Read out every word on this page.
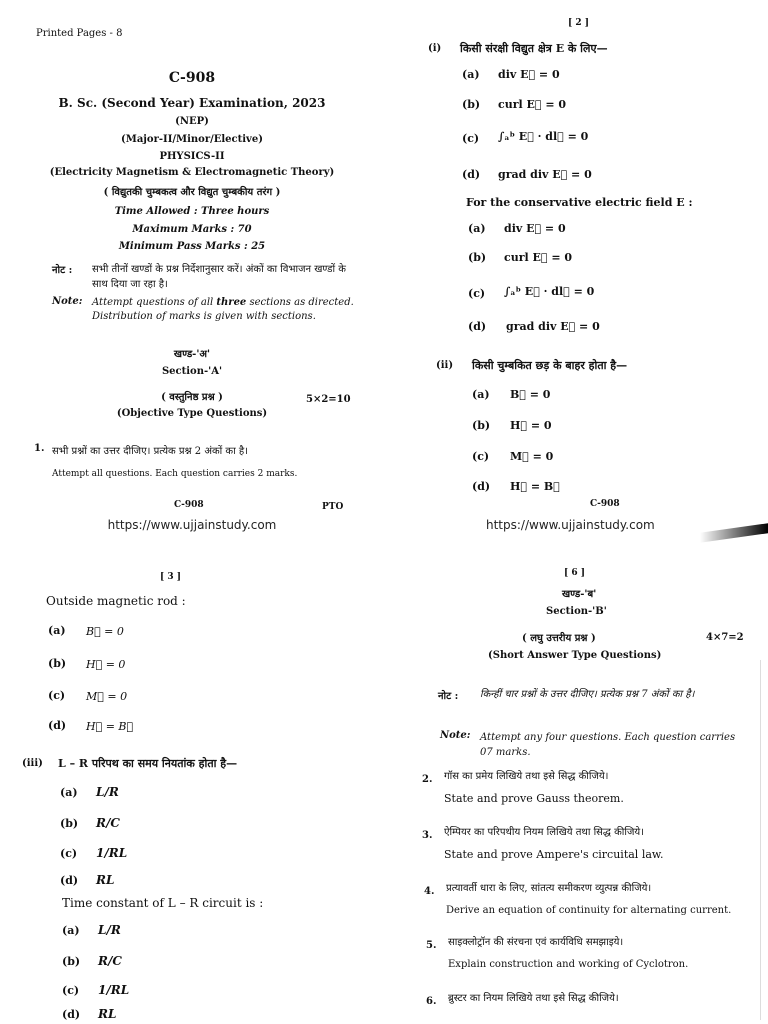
Printed Pages - 8
C-908
B. Sc. (Second Year) Examination, 2023
(NEP)
(Major-II/Minor/Elective)
PHYSICS-II
(Electricity Magnetism & Electromagnetic Theory)
( विद्युतकी चुम्बकत्व और विद्युत चुम्बकीय तरंग )
Time Allowed : Three hours
Maximum Marks : 70
Minimum Pass Marks : 25
नोट : सभी तीनों खण्डों के प्रश्न निर्देशानुसार करें। अंकों का विभाजन खण्डों के साथ दिया जा रहा है।
Note: Attempt questions of all three sections as directed. Distribution of marks is given with sections.
खण्ड-'अ'
Section-'A'
( वस्तुनिष्ठ प्रश्न )	5×2=10
(Objective Type Questions)
1. सभी प्रश्नों का उत्तर दीजिए। प्रत्येक प्रश्न 2 अंकों का है।
Attempt all questions. Each question carries 2 marks.
C-908	PTO
https://www.ujjainstudy.com
[ 2 ]
(i) किसी संरक्षी विद्युत क्षेत्र E के लिए—
(a) div E⃗ = 0
(b) curl E⃗ = 0
(c) ∫ₐᵇ E⃗ · dl⃗ = 0
(d) grad div E⃗ = 0
For the conservative electric field E :
(a) div E⃗ = 0
(b) curl E⃗ = 0
(c) ∫ₐᵇ E⃗ · dl⃗ = 0
(d) grad div E⃗ = 0
(ii) किसी चुम्बकित छड़ के बाहर होता है—
(a) B⃗ = 0
(b) H⃗ = 0
(c) M⃗ = 0
(d) H⃗ = B⃗
C-908
https://www.ujjainstudy.com
[ 3 ]
Outside magnetic rod :
(a) B⃗ = 0
(b) H⃗ = 0
(c) M⃗ = 0
(d) H⃗ = B⃗
(iii) L – R परिपथ का समय नियतांक होता है—
(a) L/R
(b) R/C
(c) 1/RL
(d) RL
Time constant of L – R circuit is :
(a) L/R
(b) R/C
(c) 1/RL
(d) RL
[ 6 ]
खण्ड-'ब'
Section-'B'
( लघु उत्तरीय प्रश्न )	4×7=2
(Short Answer Type Questions)
नोट : किन्हीं चार प्रश्नों के उत्तर दीजिए। प्रत्येक प्रश्न 7 अंकों का है।
Note: Attempt any four questions. Each question carries 07 marks.
2. गॉस का प्रमेय लिखिये तथा इसे सिद्ध कीजिये।
State and prove Gauss theorem.
3. ऐम्पियर का परिपथीय नियम लिखिये तथा सिद्ध कीजिये।
State and prove Ampere's circuital law.
4. प्रत्यावर्ती धारा के लिए, सांतत्य समीकरण व्युत्पन्न कीजिये।
Derive an equation of continuity for alternating current.
5. साइक्लोट्रॉन की संरचना एवं कार्यविधि समझाइये।
Explain construction and working of Cyclotron.
6. ब्रुस्टर का नियम लिखिये तथा इसे सिद्ध कीजिये।
